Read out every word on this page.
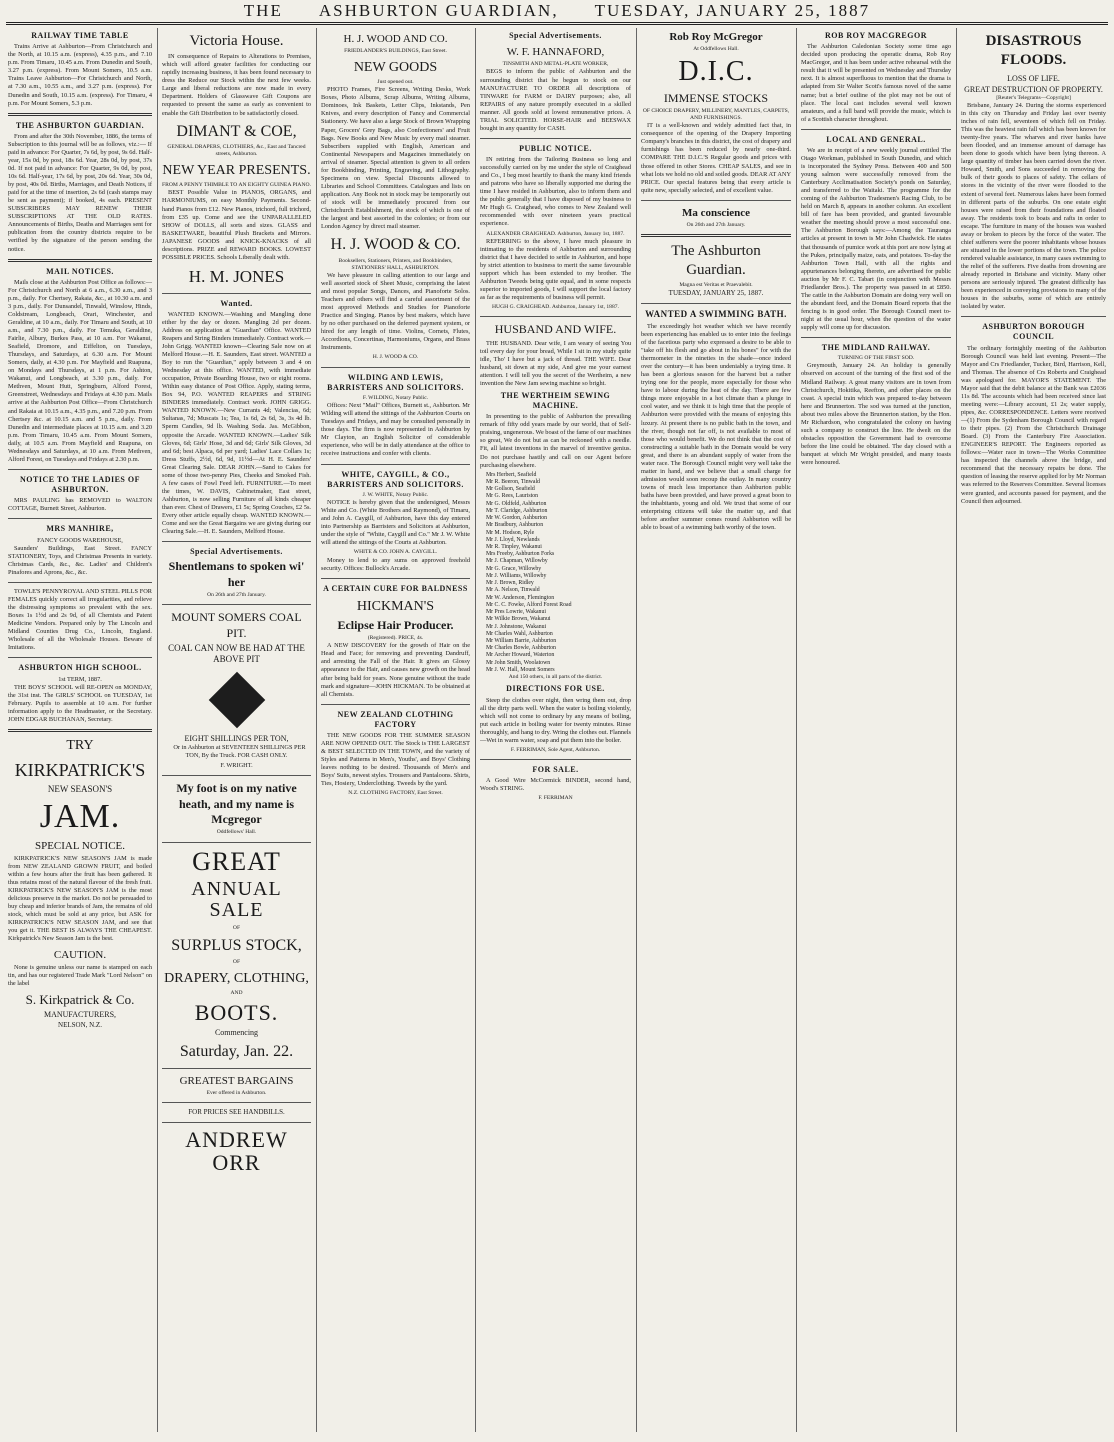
THE ASHBURTON GUARDIAN, TUESDAY, JANUARY 25, 1887
RAILWAY TIME TABLE

Trains Arrive at Ashburton—From Christchurch and the North, at 10.15 a.m. (express), 4.35 p.m., and 7.10 p.m. From Timaru, 10.45 a.m. From Dunedin and South, 3.27 p.m. (express). From Mount Somers, 10.5 a.m. Trains Leave Ashburton—For Christchurch and North, at 7.30 a.m., 10.55 a.m., and 3.27 p.m. (express). For Dunedin and South, 10.15 a.m. (express). For Timaru, 4 p.m. For Mount Somers, 5.3 p.m.

THE ASHBURTON GUARDIAN.

From and after the 30th November, 1886, the terms of Subscription to this journal will be as follows, viz.:— If paid in advance: For Quarter, 7s 6d, by post, 9s 6d. Half-year, 15s 0d, by post, 18s 6d. Year, 28s 0d, by post, 37s 0d. If not paid in advance: For Quarter, 9s 0d, by post, 10s 6d. Half-year, 17s 6d, by post, 20s 6d. Year, 30s 0d, by post, 40s 0d. Births, Marriages, and Death Notices, if paid for at the time of insertion, 2s 6d (cash stamps may be sent as payment); if booked, 4s each. PRESENT SUBSCRIBERS MAY RENEW THEIR SUBSCRIPTIONS AT THE OLD RATES. Announcements of Births, Deaths and Marriages sent for publication from the country districts require to be verified by the signature of the person sending the notice.

MAIL NOTICES.

Mails close at the Ashburton Post Office as follows:— For Christchurch and North at 6 a.m., 6.30 a.m., and 3 p.m., daily. For Chertsey, Rakaia, &c., at 10.30 a.m. and 3 p.m., daily. For Dunsandel, Tinwald, Winslow, Hinds, Coldstream, Longbeach, Orari, Winchester, and Geraldine, at 10 a.m., daily. For Timaru and South, at 10 a.m., and 7.30 p.m., daily. For Temuka, Geraldine, Fairlie, Albury, Burkes Pass, at 10 a.m. For Wakanui, Seafield, Dromore, and Eiffelton, on Tuesdays, Thursdays, and Saturdays, at 6.30 a.m. For Mount Somers, daily, at 4.30 p.m. For Mayfield and Ruapuna, on Mondays and Thursdays, at 1 p.m. For Ashton, Wakanui, and Longbeach, at 3.30 p.m., daily. For Methven, Mount Hutt, Springburn, Alford Forest, Greenstreet, Wednesdays and Fridays at 4.30 p.m. Mails arrive at the Ashburton Post Office—From Christchurch and Rakaia at 10.15 a.m., 4.35 p.m., and 7.20 p.m. From Chertsey &c. at 10.15 a.m. and 5 p.m., daily. From Dunedin and intermediate places at 10.15 a.m. and 3.20 p.m. From Timaru, 10.45 a.m. From Mount Somers, daily, at 10.5 a.m. From Mayfield and Ruapuna, on Wednesdays and Saturdays, at 10 a.m. From Methven, Alford Forest, on Tuesdays and Fridays at 2.30 p.m.

NOTICE TO THE LADIES OF ASHBURTON.

MRS PAULING has REMOVED to WALTON COTTAGE, Burnett Street, Ashburton.

MRS MANHIRE,
FANCY GOODS WAREHOUSE,

Saunders' Buildings, East Street. FANCY STATIONERY, Toys, and Christmas Presents in variety. Christmas Cards, &c., &c. Ladies' and Children's Pinafores and Aprons, &c., &c.

TOWLE'S PENNYROYAL AND STEEL PILLS FOR FEMALES quickly correct all irregularities, and relieve the distressing symptoms so prevalent with the sex. Boxes 1s 1½d and 2s 9d, of all Chemists and Patent Medicine Vendors. Prepared only by The Lincoln and Midland Counties Drug Co., Lincoln, England. Wholesale of all the Wholesale Houses. Beware of Imitations.

ASHBURTON HIGH SCHOOL.
1st TERM, 1887.

THE BOYS' SCHOOL will RE-OPEN on MONDAY, the 31st inst. The GIRLS' SCHOOL on TUESDAY, 1st February. Pupils to assemble at 10 a.m. For further information apply to the Headmaster, or the Secretary. JOHN EDGAR BUCHANAN, Secretary.

TRY
KIRKPATRICK'S
NEW SEASON'S
JAM.
SPECIAL NOTICE.

KIRKPATRICK'S NEW SEASON'S JAM is made from NEW ZEALAND GROWN FRUIT, and boiled within a few hours after the fruit has been gathered. It thus retains most of the natural flavour of the fresh fruit. KIRKPATRICK'S NEW SEASON'S JAM is the most delicious preserve in the market. Do not be persuaded to buy cheap and inferior brands of Jam, the remains of old stock, which must be sold at any price, but ASK for KIRKPATRICK'S NEW SEASON JAM, and see that you get it. THE BEST IS ALWAYS THE CHEAPEST. Kirkpatrick's New Season Jam is the best.

CAUTION.

None is genuine unless our name is stamped on each tin, and has our registered Trade Mark "Lord Nelson" on the label

S. Kirkpatrick & Co.
MANUFACTURERS,
NELSON, N.Z.
Victoria House.

IN consequence of Repairs to Alterations to Premises, which will afford greater facilities for conducting our rapidly increasing business, it has been found necessary to dress the Reduce our Stock within the next few weeks. Large and liberal reductions are now made in every Department. Holders of Glasswave Gift Coupons are requested to present the same as early as convenient to enable the Gift Distribution to be satisfactorily closed.

DIMANT & COE,
GENERAL DRAPERS, CLOTHIERS, &c., East and Tancred streets, Ashburton.
NEW YEAR PRESENTS.
FROM A PENNY THIMBLE TO AN EIGHTY GUINEA PIANO.

BEST Possible Value in PIANOS, ORGANS, and HARMONIUMS, on easy Monthly Payments. Second-hand Pianos from £12. New Pianos, trichord, full trichord, from £35 up. Come and see the UNPARALLELED SHOW of DOLLS, all sorts and sizes. GLASS and BASKETWARE, beautiful Plush Brackets and Mirrors. JAPANESE GOODS and KNICK-KNACKS of all descriptions. PRIZE and REWARD BOOKS. LOWEST POSSIBLE PRICES. Schools Liberally dealt with.

H. M. JONES
Wanted.

WANTED KNOWN.—Washing and Mangling done either by the day or dozen. Mangling 2d per dozen. Address on application at "Guardian" Office. WANTED Reapers and String Binders immediately. Contract work.—John Grigg. WANTED known—Clearing Sale now on at Melford House.—H. E. Saunders, East street. WANTED a Boy to run the "Guardian," apply between 3 and 4 on Wednesday at this office. WANTED, with immediate occupation, Private Boarding House, two or eight rooms. Within easy distance of Post Office. Apply, stating terms, Box 94, P.O. WANTED REAPERS and STRING BINDERS immediately. Contract work. JOHN GRIGG. WANTED KNOWN.—New Currants 4d; Valencias, 6d; Sultanas, 7d; Muscats 1s; Tea, 1s 6d, 2s 6d, 3s, 3s 4d lb. Sperm Candles, 9d lb. Washing Soda. Jas. McGibbon, opposite the Arcade. WANTED KNOWN.—Ladies' Silk Gloves, 6d; Girls' Hose, 3d and 6d; Girls' Silk Gloves, 3d and 6d; best Alpaca, 6d per yard; Ladies' Lace Collars 1s; Dress Stuffs, 2½d, 6d, 9d, 11½d—At H. E. Saunders' Great Clearing Sale. DEAR JOHN.—Sand to Cakes for some of those two-penny Pies, Cheeks and Smoked Fish. A few cases of Fowl Feed left. FURNITURE.—To meet the times, W. DAVIS, Cabinetmaker, East street, Ashburton, is now selling Furniture of all kinds cheaper than ever. Chest of Drawers, £1 5s; Spring Couches, £2 5s. Every other article equally cheap. WANTED KNOWN.—Come and see the Great Bargains we are giving during our Clearing Sale.—H. E. Saunders, Melford House.

Special Advertisements.
Shentlemans to spoken wi' her
On 26th and 27th January.
MOUNT SOMERS COAL PIT.
COAL CAN NOW BE HAD AT THE ABOVE PIT
EIGHT SHILLINGS PER TON,

Or in Ashburton at SEVENTEEN SHILLINGS PER TON, By the Truck. FOR CASH ONLY.

F. WRIGHT.
My foot is on my native heath, and my name is Mcgregor
Oddfellows' Hall.
GREAT
ANNUAL SALE
OF
SURPLUS STOCK,
OF
DRAPERY, CLOTHING,
AND
BOOTS.
Commencing
Saturday, Jan. 22.
GREATEST BARGAINS
Ever offered in Ashburton.
FOR PRICES SEE HANDBILLS.
ANDREW ORR
H. J. WOOD AND CO.
FRIEDLANDER'S BUILDINGS, East Street.
NEW GOODS
Just opened out.

PHOTO Frames, Fire Screens, Writing Desks, Work Boxes, Photo Albums, Scrap Albums, Writing Albums, Dominoes, Ink Baskets, Letter Clips, Inkstands, Pen Knives, and every description of Fancy and Commercial Stationery. We have also a large Stock of Brown Wrapping Paper, Grocers' Grey Bags, also Confectioners' and Fruit Bags. New Books and New Music by every mail steamer. Subscribers supplied with English, American and Continental Newspapers and Magazines immediately on arrival of steamer. Special attention is given to all orders for Bookbinding, Printing, Engraving, and Lithography. Specimens on view. Special Discounts allowed to Libraries and School Committees. Catalogues and lists on application. Any Book not in stock may be temporarily out of stock will be immediately procured from our Christchurch Establishment, the stock of which is one of the largest and best assorted in the colonies; or from our London Agency by direct mail steamer.

H. J. WOOD & CO.
Booksellers, Stationers, Printers, and Bookbinders, STATIONERS' HALL, ASHBURTON.

We have pleasure in calling attention to our large and well assorted stock of Sheet Music, comprising the latest and most popular Songs, Dances, and Pianoforte Solos. Teachers and others will find a careful assortment of the most approved Methods and Studies for Pianoforte Practice and Singing. Pianos by best makers, which have by no other purchased on the deferred payment system, or hired for any length of time. Violins, Cornets, Flutes, Accordions, Concertinas, Harmoniums, Organs, and Brass Instruments.

H. J. WOOD & CO.
WILDING AND LEWIS, BARRISTERS AND SOLICITORS.
F. WILDING, Notary Public.

Offices: Next "Mail" Offices, Burnett st., Ashburton. Mr Wilding will attend the sittings of the Ashburton Courts on Tuesdays and Fridays, and may be consulted personally in those days. The firm is now represented in Ashburton by Mr Clayton, an English Solicitor of considerable experience, who will be in daily attendance at the office to receive instructions and confer with clients.

WHITE, CAYGILL, & CO., BARRISTERS AND SOLICITORS.
J. W. WHITE, Notary Public.

NOTICE is hereby given that the undersigned, Messrs White and Co. (White Brothers and Raymond), of Timaru, and John A. Caygill, of Ashburton, have this day entered into Partnership as Barristers and Solicitors at Ashburton, under the style of "White, Caygill and Co." Mr J. W. White will attend the sittings of the Courts at Ashburton.

WHITE & CO. JOHN A. CAYGILL.

Money to lend to any sums on approved freehold security. Offices: Bullock's Arcade.

A CERTAIN CURE FOR BALDNESS
HICKMAN'S
Eclipse Hair Producer.
(Registered). PRICE, 4s.

A NEW DISCOVERY for the growth of Hair on the Head and Face; for removing and preventing Dandruff, and arresting the Fall of the Hair. It gives an Glossy appearance to the Hair, and causes new growth on the head after being bald for years. None genuine without the trade mark and signature—JOHN HICKMAN. To be obtained at all Chemists.

NEW ZEALAND CLOTHING FACTORY

THE NEW GOODS FOR THE SUMMER SEASON ARE NOW OPENED OUT. The Stock is THE LARGEST & BEST SELECTED IN THE TOWN, and the variety of Styles and Patterns in Men's, Youths', and Boys' Clothing leaves nothing to be desired. Thousands of Men's and Boys' Suits, newest styles. Trousers and Pantaloons. Shirts, Ties, Hosiery, Underclothing. Tweeds by the yard.

N.Z. CLOTHING FACTORY, East Street.
Special Advertisements.
W. F. HANNAFORD,
TINSMITH AND METAL-PLATE WORKER,

BEGS to inform the public of Ashburton and the surrounding district that he begun to stock on our MANUFACTURE TO ORDER all descriptions of TINWARE for FARM or DAIRY purposes; also, all REPAIRS of any nature promptly executed in a skilled manner. All goods sold at lowest remunerative prices. A TRIAL SOLICITED. HORSE-HAIR and BEESWAX bought in any quantity for CASH.

PUBLIC NOTICE.

IN retiring from the Tailoring Business so long and successfully carried on by me under the style of Craighead and Co., I beg most heartily to thank the many kind friends and patrons who have so liberally supported me during the time I have resided in Ashburton, also to inform them and the public generally that I have disposed of my business to Mr Hugh G. Craighead, who comes to New Zealand well recommended with over nineteen years practical experience.

ALEXANDER CRAIGHEAD. Ashburton, January 1st, 1887.

REFERRING to the above, I have much pleasure in intimating to the residents of Ashburton and surrounding district that I have decided to settle in Ashburton, and hope by strict attention to business to merit the same favourable support which has been extended to my brother. The Ashburton Tweeds being quite equal, and in some respects superior to imported goods, I will support the local factory as far as the requirements of business will permit.

HUGH G. CRAIGHEAD. Ashburton, January 1st, 1887.
HUSBAND AND WIFE.

THE HUSBAND. Dear wife, I am weary of seeing You toil every day for your bread, While I sit in my study quite idle, Tho' I have but a jack of thread. THE WIFE. Dear husband, sit down at my side, And give me your earnest attention. I will tell you the secret of the Wertheim, a new invention the New Jam sewing machine so bright.

THE WERTHEIM SEWING MACHINE.

In presenting to the public of Ashburton the prevailing remark of fifty odd years made by our world, that of Self-praising, ungenerous. We boast of the fame of our machines so great, We do not but as can be reckoned with a needle. Fit, all latest inventions in the marvel of inventive genius. Do not purchase hastily and call on our Agent before purchasing elsewhere.

Mrs Herbert, Seafield
Mr R. Beeron, Tinwald
Mr Gollson, Seafield
Mr G. Rees, Lauriston
Mr G. Oldfeld, Ashburton
Mr T. Claridge, Ashburton
Mr W. Gordon, Ashburton
Mr Bradbury, Ashburton
Mr M. Hodson, Ryle
Mr J. Lloyd, Newlands
Mr R. Tinpley, Wakanui
Mrs Freeby, Ashburton Forks
Mr J. Chapman, Willowby
Mr G. Grace, Willowby
Mr J. Williams, Willowby
Mr J. Brown, Ridley
Mr A. Nelson, Tinwald
Mr W. Anderson, Flemington
Mr C. C. Fowke, Alford Forest Road
Mr Pres Lowrie, Wakanui
Mr Wilkie Brown, Wakanui
Mr J. Johnstone, Wakanui
Mr Charles Wahl, Ashburton
Mr William Barrie, Ashburton
Mr Charles Bowle, Ashburton
Mr Archer Howard, Waterton
Mr John Smith, Woolatown
Mr J. W. Hall, Mount Somers
And 150 others, in all parts of the district.
DIRECTIONS FOR USE.

Steep the clothes over night, then wring them out, drop all the dirty parts well. When the water is boiling violently, which will not come to ordinary by any means of boiling, put each article in boiling water for twenty minutes. Rinse thoroughly, and hang to dry. Wring the clothes out. Flannels—Wet in warm water, soap and put them into the boiler.

F. FERRIMAN, Sole Agent, Ashburton.
FOR SALE.

A Good Wire McCormick BINDER, second hand, Wood's STRING.

F. FERRIMAN
Rob Roy McGregor
At Oddfellows Hall.
D.I.C.
IMMENSE STOCKS
OF CHOICE DRAPERY, MILLINERY, MANTLES, CARPETS, AND FURNISHINGS.

IT is a well-known and widely admitted fact that, in consequence of the opening of the Drapery Importing Company's branches in this district, the cost of drapery and furnishings has been reduced by nearly one-third. COMPARE THE D.I.C.'S Regular goods and prices with those offered in other Stores. CHEAP SALES, and see in what lots we hold no old and soiled goods. DEAR AT ANY PRICE. Our special features being that every article is quite new, specially selected, and of excellent value.

Ma conscience
On 26th and 27th January.
The Ashburton Guardian.
Magna est Veritas et Praevalebit.
TUESDAY, JANUARY 25, 1887.
WANTED A SWIMMING BATH.

The exceedingly hot weather which we have recently been experiencing has enabled us to enter into the feelings of the facetious party who expressed a desire to be able to "take off his flesh and go about in his bones" for with the thermometer in the nineties in the shade—once indeed over the century—it has been undeniably a trying time. It has been a glorious season for the harvest but a rather trying one for the people, more especially for those who have to labour during the heat of the day. There are few things more enjoyable in a hot climate than a plunge in cool water, and we think it is high time that the people of Ashburton were provided with the means of enjoying this luxury. At present there is no public bath in the town, and the river, though not far off, is not available to most of those who would benefit. We do not think that the cost of constructing a suitable bath in the Domain would be very great, and there is an abundant supply of water from the water race. The Borough Council might very well take the matter in hand, and we believe that a small charge for admission would soon recoup the outlay. In many country towns of much less importance than Ashburton public baths have been provided, and have proved a great boon to the inhabitants, young and old. We trust that some of our enterprising citizens will take the matter up, and that before another summer comes round Ashburton will be able to boast of a swimming bath worthy of the town.

ROB ROY MACGREGOR

The Ashburton Caledonian Society some time ago decided upon producing the operatic drama, Rob Roy MacGregor, and it has been under active rehearsal with the result that it will be presented on Wednesday and Thursday next. It is almost superfluous to mention that the drama is adapted from Sir Walter Scott's famous novel of the same name; but a brief outline of the plot may not be out of place. The local cast includes several well known amateurs, and a full band will provide the music, which is of a Scottish character throughout.

LOCAL AND GENERAL.

We are in receipt of a new weekly journal entitled The Otago Workman, published in South Dunedin, and which is incorporated the Sydney Press. Between 400 and 500 young salmon were successfully removed from the Canterbury Acclimatisation Society's ponds on Saturday, and transferred to the Waitaki. The programme for the coming of the Ashburton Tradesmen's Racing Club, to be held on March 8, appears in another column. An excellent bill of fare has been provided, and granted favourable weather the meeting should prove a most successful one. The Ashburton Borough says:—Among the Tauranga articles at present in town is Mr John Chadwick. He states that thousands of pumice work at this port are now lying at the Pukes, principally maize, oats, and potatoes. To-day the Ashburton Town Hall, with all the rights and appurtenances belonging thereto, are advertised for public auction by Mr F. C. Tabart (in conjunction with Messrs Friedlander Bros.). The property was passed in at £850. The cattle in the Ashburton Domain are doing very well on the abundant feed, and the Domain Board reports that the fencing is in good order. The Borough Council meet to-night at the usual hour, when the question of the water supply will come up for discussion.

THE MIDLAND RAILWAY.
TURNING OF THE FIRST SOD.

Greymouth, January 24. An holiday is generally observed on account of the turning of the first sod of the Midland Railway. A great many visitors are in town from Christchurch, Hokitika, Reefton, and other places on the coast. A special train which was prepared to-day between here and Brunnerton. The sod was turned at the junction, about two miles above the Brunnerton station, by the Hon. Mr Richardson, who congratulated the colony on having such a company to construct the line. He dwelt on the obstacles opposition the Government had to overcome before the line could be obtained. The day closed with a banquet at which Mr Wright presided, and many toasts were honoured.

DISASTROUS FLOODS.
LOSS OF LIFE.
GREAT DESTRUCTION OF PROPERTY.
[Reuter's Telegrams—Copyright]

Brisbane, January 24. During the storms experienced in this city on Thursday and Friday last over twenty inches of rain fell, seventeen of which fell on Friday. This was the heaviest rain fall which has been known for twenty-five years. The wharves and river banks have been flooded, and an immense amount of damage has been done to goods which have been lying thereon. A large quantity of timber has been carried down the river. Howard, Smith, and Sons succeeded in removing the bulk of their goods to places of safety. The cellars of stores in the vicinity of the river were flooded to the extent of several feet. Numerous lakes have been formed in different parts of the suburbs. On one estate eight houses were raised from their foundations and floated away. The residents took to boats and rafts in order to escape. The furniture in many of the houses was washed away or broken to pieces by the force of the water. The chief sufferers were the poorer inhabitants whose houses are situated in the lower portions of the town. The police rendered valuable assistance, in many cases swimming to the relief of the sufferers. Five deaths from drowning are already reported in Brisbane and vicinity. Many other persons are seriously injured. The greatest difficulty has been experienced in conveying provisions to many of the houses in the suburbs, some of which are entirely isolated by water.

ASHBURTON BOROUGH COUNCIL

The ordinary fortnightly meeting of the Ashburton Borough Council was held last evening. Present—The Mayor and Crs Friedlander, Tucker, Bird, Harrison, Kell, and Thomas. The absence of Crs Roberts and Craighead was apologised for. MAYOR'S STATEMENT. The Mayor said that the debit balance at the Bank was £2036 11s 8d. The accounts which had been received since last meeting were:—Library account, £1 2s; water supply, pipes, &c. CORRESPONDENCE. Letters were received—(1) From the Sydenham Borough Council with regard to their pipes. (2) From the Christchurch Drainage Board. (3) From the Canterbury Fire Association. ENGINEER'S REPORT. The Engineers reported as follows:—Water race in town—The Works Committee has inspected the channels above the bridge, and recommend that the necessary repairs be done. The question of leasing the reserve applied for by Mr Norman was referred to the Reserves Committee. Several licenses were granted, and accounts passed for payment, and the Council then adjourned.
